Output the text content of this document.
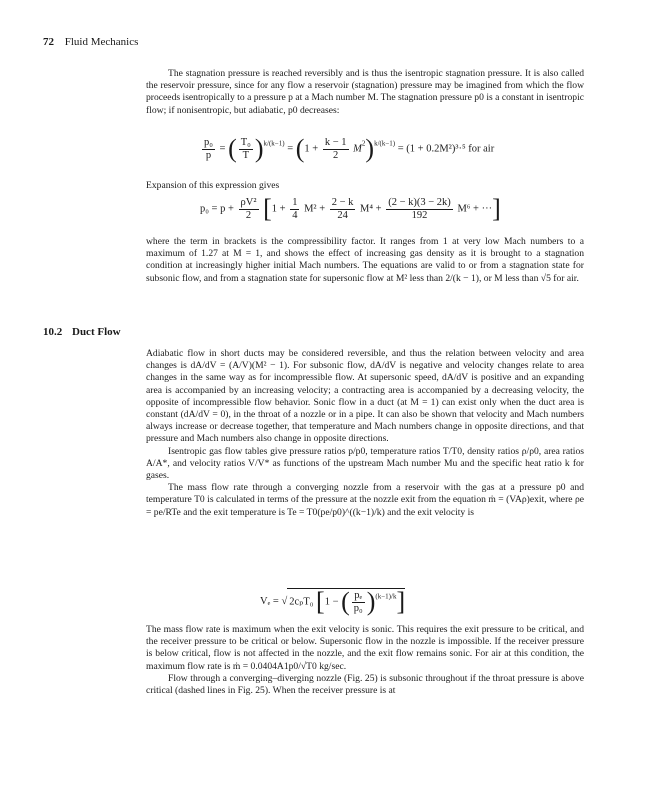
72 Fluid Mechanics

The stagnation pressure is reached reversibly and is thus the isentropic stagnation pressure. It is also called the reservoir pressure, since for any flow a reservoir (stagnation) pressure may be imagined from which the flow proceeds isentropically to a pressure p at a Mach number M. The stagnation pressure p0 is a constant in isentropic flow; if nonisentropic, but adiabatic, p0 decreases:

$\frac{\text{p₀}}{p}$ = ( $\frac{\text{T₀}}{T} )^{k/(k-1)} = (1 + \frac{k - 1}{2} M^2)^{k/(k-1)} = (1 + 0.2M^2)^3\cdot^5$ for air

Expansion of this expression gives

$p_0 = p + \frac{\text{ρV²}}{2} [1 + \frac{1}{4} M^2 + \frac{2 - k}{24} M^4 + \frac{(2 - k)(3 - 2k)}{192} M^6$ + ···]

where the term in brackets is the compressibility factor. It ranges from 1 at very low Mach numbers to a maximum of 1.27 at M = 1, and shows the effect of increasing gas density as it is brought to a stagnation condition at increasingly higher initial Mach numbers. The equations are valid to or from a stagnation state for subsonic flow, and from a stagnation state for supersonic flow at M² less than 2/(k − 1), or M less than √5 for air.

10.2 Duct Flow

Adiabatic flow in short ducts may be considered reversible, and thus the relation between velocity and area changes is dA/dV = (A/V)(M² − 1). For subsonic flow, dA/dV is negative and velocity changes relate to area changes in the same way as for incompressible flow. At supersonic speed, dA/dV is positive and an expanding area is accompanied by an increasing velocity; a contracting area is accompanied by a decreasing velocity, the opposite of incompressible flow behavior. Sonic flow in a duct (at M = 1) can exist only when the duct area is constant (dA/dV = 0), in the throat of a nozzle or in a pipe. It can also be shown that velocity and Mach numbers always increase or decrease together, that temperature and Mach numbers change in opposite directions, and that pressure and Mach numbers also change in opposite directions.

Isentropic gas flow tables give pressure ratios p/p0, temperature ratios T/T0, density ratios ρ/ρ0, area ratios A/A*, and velocity ratios V/V* as functions of the upstream Mach number Mu and the specific heat ratio k for gases.

The mass flow rate through a converging nozzle from a reservoir with the gas at a pressure p0 and temperature T0 is calculated in terms of the pressure at the nozzle exit from the equation ṁ = (VAρ)exit, where ρe = pe/RTe and the exit temperature is Te = T0(pe/p0)^((k−1)/k) and the exit velocity is

Vₑ = √ 2cₚT₀ [1 − ( $\frac{\text{pₑ}}{\text{p₀}} )^{(k-1)/k}$]

The mass flow rate is maximum when the exit velocity is sonic. This requires the exit pressure to be critical, and the receiver pressure to be critical or below. Supersonic flow in the nozzle is impossible. If the receiver pressure is below critical, flow is not affected in the nozzle, and the exit flow remains sonic. For air at this condition, the maximum flow rate is ṁ = 0.0404A1p0/√T0 kg/sec.

Flow through a converging–diverging nozzle (Fig. 25) is subsonic throughout if the throat pressure is above critical (dashed lines in Fig. 25). When the receiver pressure is at
